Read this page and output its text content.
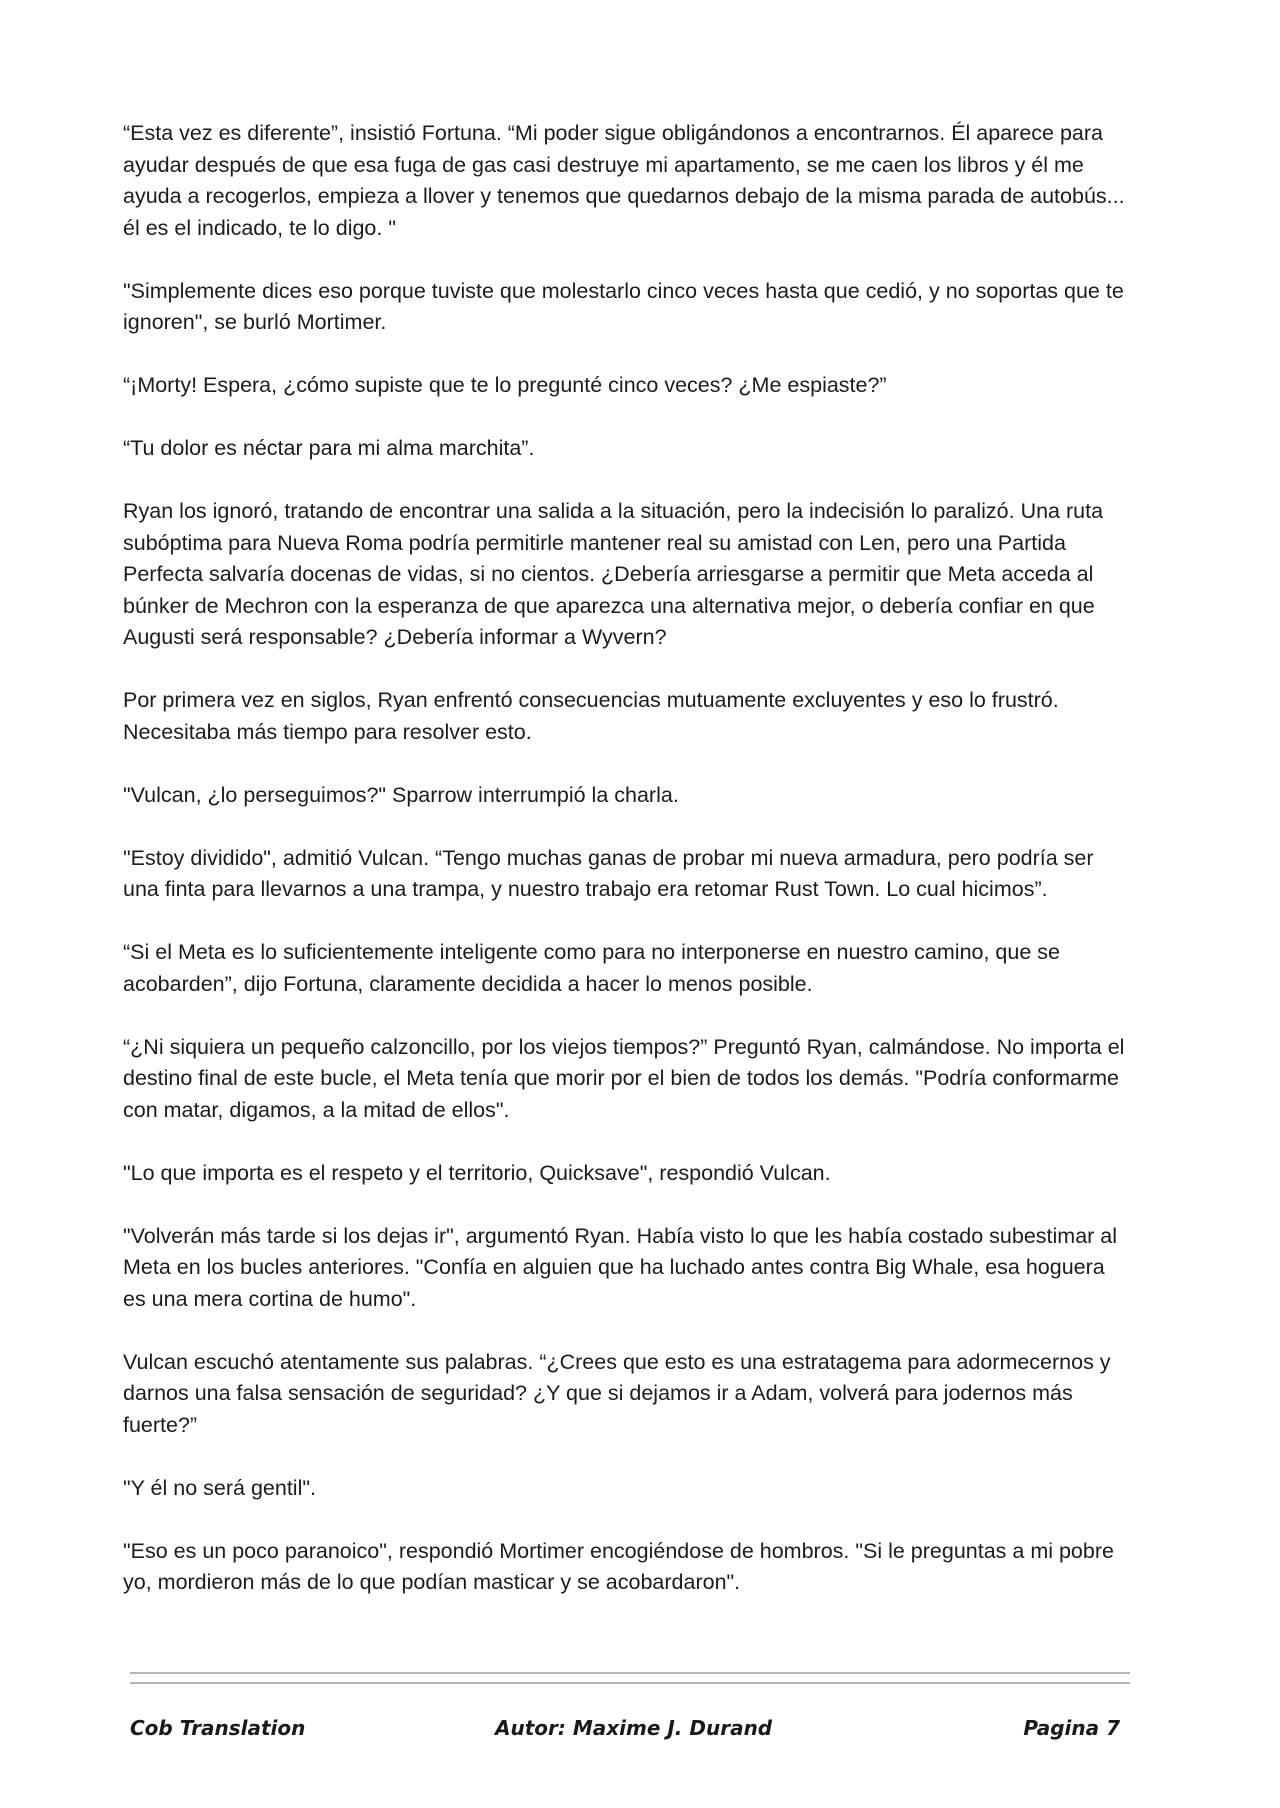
“Esta vez es diferente”, insistió Fortuna. “Mi poder sigue obligándonos a encontrarnos. Él aparece para ayudar después de que esa fuga de gas casi destruye mi apartamento, se me caen los libros y él me ayuda a recogerlos, empieza a llover y tenemos que quedarnos debajo de la misma parada de autobús... él es el indicado, te lo digo. "

"Simplemente dices eso porque tuviste que molestarlo cinco veces hasta que cedió, y no soportas que te ignoren", se burló Mortimer.

“¡Morty! Espera, ¿cómo supiste que te lo pregunté cinco veces? ¿Me espiaste?”

“Tu dolor es néctar para mi alma marchita”.

Ryan los ignoró, tratando de encontrar una salida a la situación, pero la indecisión lo paralizó. Una ruta subóptima para Nueva Roma podría permitirle mantener real su amistad con Len, pero una Partida Perfecta salvaría docenas de vidas, si no cientos. ¿Debería arriesgarse a permitir que Meta acceda al búnker de Mechron con la esperanza de que aparezca una alternativa mejor, o debería confiar en que Augusti será responsable? ¿Debería informar a Wyvern?

Por primera vez en siglos, Ryan enfrentó consecuencias mutuamente excluyentes y eso lo frustró. Necesitaba más tiempo para resolver esto.

"Vulcan, ¿lo perseguimos?" Sparrow interrumpió la charla.

"Estoy dividido", admitió Vulcan. “Tengo muchas ganas de probar mi nueva armadura, pero podría ser una finta para llevarnos a una trampa, y nuestro trabajo era retomar Rust Town. Lo cual hicimos”.

“Si el Meta es lo suficientemente inteligente como para no interponerse en nuestro camino, que se acobarden”, dijo Fortuna, claramente decidida a hacer lo menos posible.

“¿Ni siquiera un pequeño calzoncillo, por los viejos tiempos?” Preguntó Ryan, calmándose. No importa el destino final de este bucle, el Meta tenía que morir por el bien de todos los demás. "Podría conformarme con matar, digamos, a la mitad de ellos".

"Lo que importa es el respeto y el territorio, Quicksave", respondió Vulcan.

"Volverán más tarde si los dejas ir", argumentó Ryan. Había visto lo que les había costado subestimar al Meta en los bucles anteriores. "Confía en alguien que ha luchado antes contra Big Whale, esa hoguera es una mera cortina de humo".

Vulcan escuchó atentamente sus palabras. “¿Crees que esto es una estratagema para adormecernos y darnos una falsa sensación de seguridad? ¿Y que si dejamos ir a Adam, volverá para jodernos más fuerte?”

"Y él no será gentil".

"Eso es un poco paranoico", respondió Mortimer encogiéndose de hombros. "Si le preguntas a mi pobre yo, mordieron más de lo que podían masticar y se acobardaron".

Cob Translation	Autor: Maxime J. Durand	Pagina 7
